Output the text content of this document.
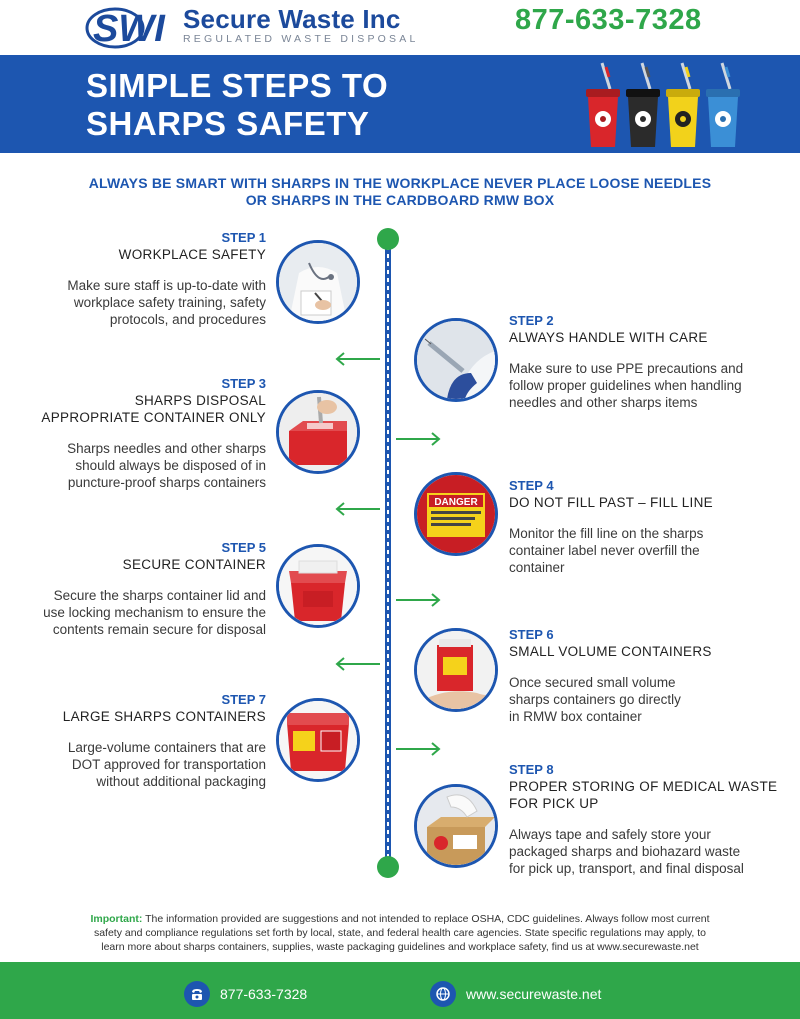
SWI Secure Waste Inc
REGULATED WASTE DISPOSAL
877-633-7328
SIMPLE STEPS TO
SHARPS SAFETY
ALWAYS BE SMART WITH SHARPS IN THE WORKPLACE NEVER PLACE LOOSE NEEDLES
OR SHARPS IN THE CARDBOARD RMW BOX
DANGER
STEP 1
WORKPLACE SAFETY
Make sure staff is up-to-date with
workplace safety training, safety
protocols, and procedures	STEP 2
ALWAYS HANDLE WITH CARE
Make sure to use PPE precautions and
follow proper guidelines when handling
needles and other sharps items
STEP 3
SHARPS DISPOSAL
APPROPRIATE CONTAINER ONLY
Sharps needles and other sharps
should always be disposed of in
puncture-proof sharps containers	STEP 4
DO NOT FILL PAST – FILL LINE
Monitor the fill line on the sharps
container label never overfill the
container
STEP 5
SECURE CONTAINER
Secure the sharps container lid and
use locking mechanism to ensure the
contents remain secure for disposal	STEP 6
SMALL VOLUME CONTAINERS
Once secured small volume
sharps containers go directly
in RMW box container
STEP 7
LARGE SHARPS CONTAINERS
Large-volume containers that are
DOT approved for transportation
without additional packaging
STEP 8
PROPER STORING OF MEDICAL WASTE
FOR PICK UP
Always tape and safely store your
packaged sharps and biohazard waste
for pick up, transport, and final disposal
Important: The information provided are suggestions and not intended to replace OSHA, CDC guidelines. Always follow most current
safety and compliance regulations set forth by local, state, and federal health care agencies. State specific regulations may apply, to
learn more about sharps containers, supplies, waste packaging guidelines and workplace safety, find us at www.securewaste.net
877-633-7328	www.securewaste.net
